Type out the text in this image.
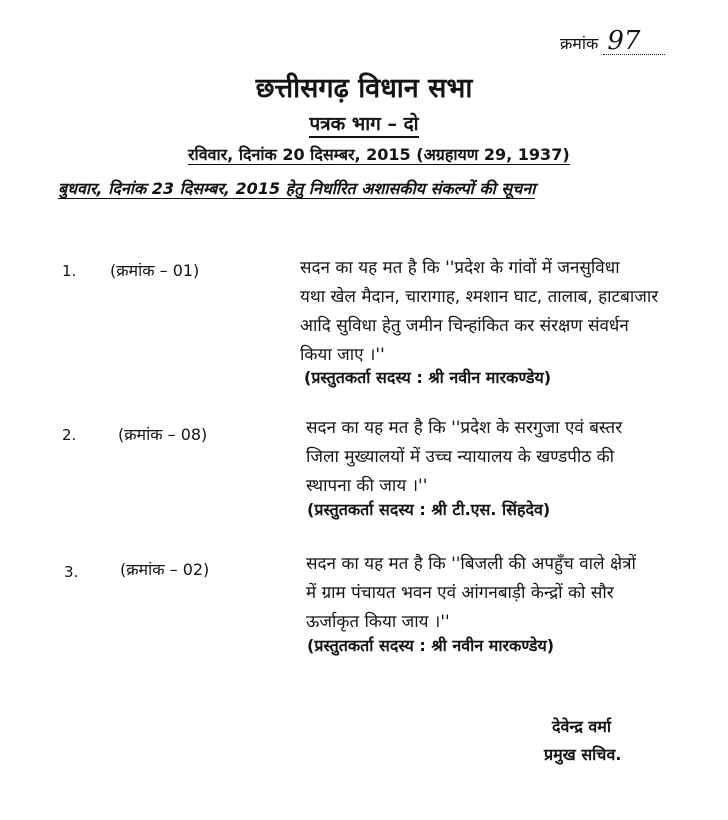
क्रमांक 97
छत्तीसगढ़ विधान सभा
पत्रक भाग – दो
रविवार, दिनांक 20 दिसम्बर, 2015 (अग्रहायण 29, 1937)
बुधवार, दिनांक 23 दिसम्बर, 2015 हेतु निर्धारित अशासकीय संकल्पों की सूचना
1. (क्रमांक – 01)	सदन का यह मत है कि ''प्रदेश के गांवों में जनसुविधा

यथा खेल मैदान, चारागाह, श्मशान घाट, तालाब, हाटबाजार

आदि सुविधा हेतु जमीन चिन्हांकित कर संरक्षण संवर्धन

किया जाए ।''

(प्रस्तुतकर्ता सदस्य : श्री नवीन मारकण्डेय)
2.	(क्रमांक – 08)	सदन का यह मत है कि ''प्रदेश के सरगुजा एवं बस्तर

जिला मुख्यालयों में उच्च न्यायालय के खण्डपीठ की

स्थापना की जाय ।''

(प्रस्तुतकर्ता सदस्य : श्री टी.एस. सिंहदेव)
3.	(क्रमांक – 02)	सदन का यह मत है कि ''बिजली की अपहुँच वाले क्षेत्रों

में ग्राम पंचायत भवन एवं आंगनबाड़ी केन्द्रों को सौर

ऊर्जाकृत किया जाय ।''

(प्रस्तुतकर्ता सदस्य : श्री नवीन मारकण्डेय)
देवेन्द्र वर्मा
प्रमुख सचिव.
